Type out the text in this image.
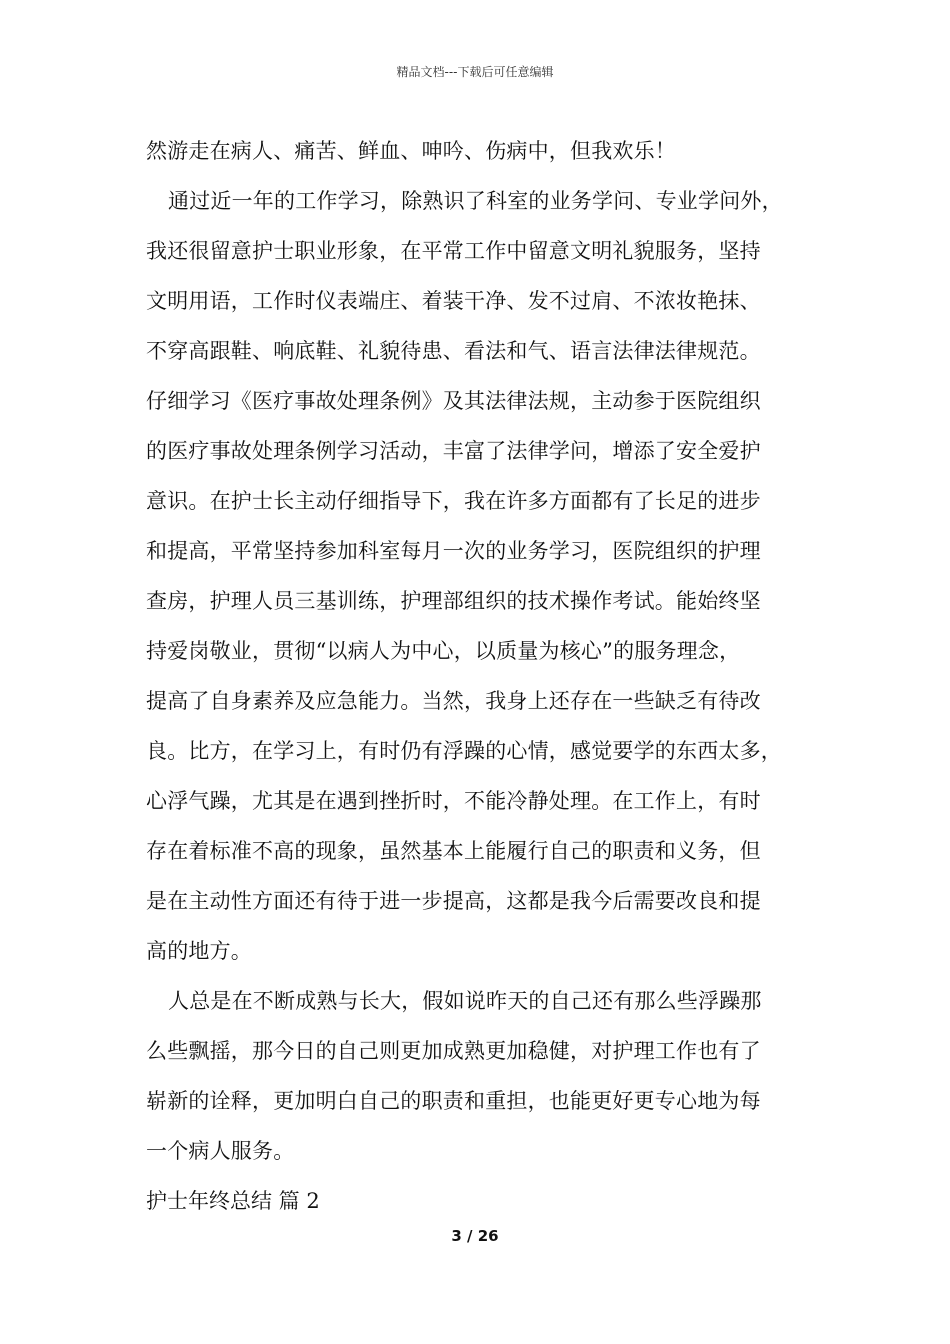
精品文档---下载后可任意编辑
然游走在病人、痛苦、鲜血、呻吟、伤病中，但我欢乐！
通过近一年的工作学习，除熟识了科室的业务学问、专业学问外，
我还很留意护士职业形象，在平常工作中留意文明礼貌服务，坚持
文明用语，工作时仪表端庄、着装干净、发不过肩、不浓妆艳抹、
不穿高跟鞋、响底鞋、礼貌待患、看法和气、语言法律法律规范。
仔细学习《医疗事故处理条例》及其法律法规，主动参于医院组织
的医疗事故处理条例学习活动，丰富了法律学问，增添了安全爱护
意识。在护士长主动仔细指导下，我在许多方面都有了长足的进步
和提高，平常坚持参加科室每月一次的业务学习，医院组织的护理
查房，护理人员三基训练，护理部组织的技术操作考试。能始终坚
持爱岗敬业，贯彻“以病人为中心，以质量为核心”的服务理念，
提高了自身素养及应急能力。当然，我身上还存在一些缺乏有待改
良。比方，在学习上，有时仍有浮躁的心情，感觉要学的东西太多，
心浮气躁，尤其是在遇到挫折时，不能冷静处理。在工作上，有时
存在着标准不高的现象，虽然基本上能履行自己的职责和义务，但
是在主动性方面还有待于进一步提高，这都是我今后需要改良和提
高的地方。
人总是在不断成熟与长大，假如说昨天的自己还有那么些浮躁那
么些飘摇，那今日的自己则更加成熟更加稳健，对护理工作也有了
崭新的诠释，更加明白自己的职责和重担，也能更好更专心地为每
一个病人服务。
护士年终总结 篇 2
3 / 26
